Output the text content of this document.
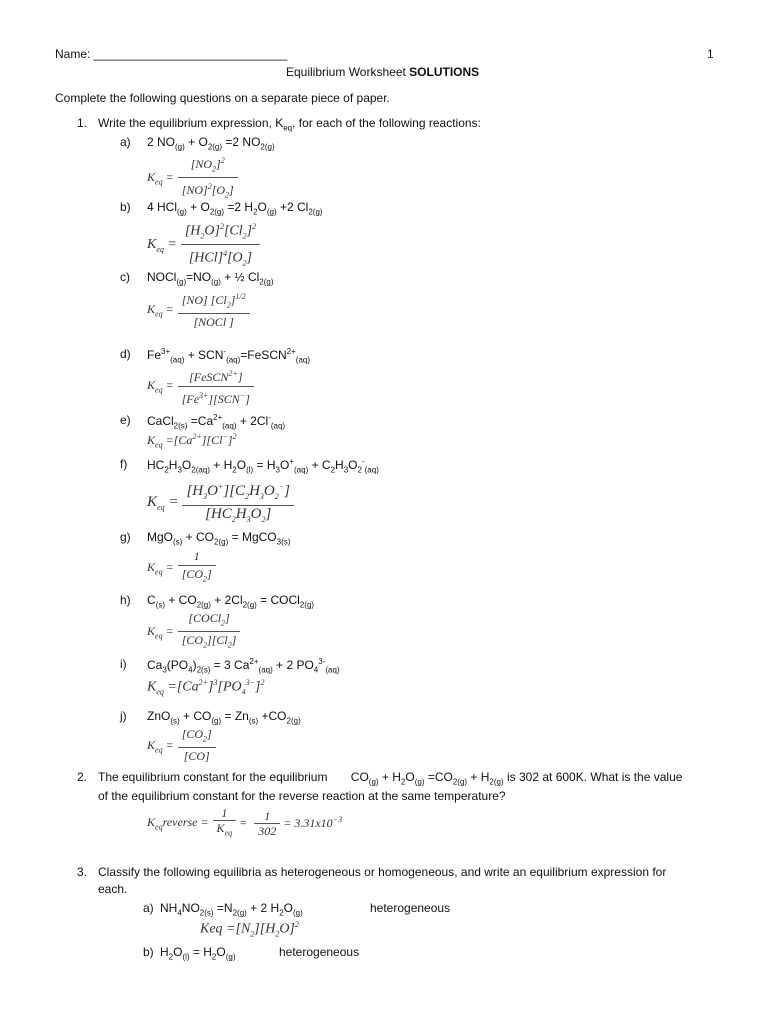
Name: _____________________________	1
Equilibrium Worksheet SOLUTIONS
Complete the following questions on a separate piece of paper.
1. Write the equilibrium expression, $K_{eq}$, for each of the following reactions:
a) 2 $NO_{(g)} + O_{2(g)} =2$ $NO_{2(g)}$
$K_{eq} = \frac{[NO_2]^2}{[NO]^2[O_2]}$
b) 4 $HCl_{(g)} + O_{2(g)} =2$ $H_2O_{(g)} +2$ $Cl_{2(g)}$
$K_{eq} = \frac{[H_2O]^2[Cl_2]^2}{[HCl]^4[O_2]}$
c) $NOCl_{(g)}=NO_{(g)}$ + ½ $Cl_{2(g)}$
$K_{eq} = \frac{[NO] [Cl_2]^{1/2}}{\text{[NOCl ]}}$
d) $Fe^{3+}_{(aq)}$ + $SCN^-_{(aq)}=FeSCN^{2+}_{(aq)}$
$K_{eq} = \frac{[FeSCN^{2+}]}{[Fe^{3+}][SCN^-]}$
e) CaCl$_{2(s)}$ $=Ca^{2+}_{(aq)} + 2Cl^-_{(aq)}$
$K_{eq} =[Ca^{2+}][Cl^-]^2$
f) $HC_2H_3O_{2(aq)} + H_2O_{(l)} = H_3O^+_{(aq)} + C_2H_3O_2^-_{(aq)}$
$K_{eq} = \frac{[H_3O^+][C_2H_3O_2^-]}{[HC_2H_3O_2]}$
g) $MgO_{(s)} + CO_{2(g)}$ = MgCO$_{3(s)}$
$K_{eq} = \frac{1}{[CO_2]}$
h) $C_{(s)} + CO_{2(g)} + 2Cl_{2(g)}$ = COCl$_{2(g)}$
$K_{eq} = \frac{[COCl_2]}{[CO_2][Cl_2]}$
i) $Ca_3(PO_4)_{2(s)} = 3$ $Ca^{2+}_{(aq)} + 2$ $PO_4^{3-}_{(aq)}$
$K_{eq} =[Ca^{2+}]^3[PO_4^{3-}]^2$
j) $ZnO_{(s)} + CO_{(g)} = Zn_{(s)} +CO_{2(g)}$
$K_{eq} = \frac{[CO_2]}{[CO]}$
2. The equilibrium constant for the equilibrium       $CO_{(g)} + H_2O_{(g)} =CO_{2(g)} + H_{2(g)}$ is 302 at 600K. What is the value
of the equilibrium constant for the reverse reaction at the same temperature?
$K_{eq}reverse = \frac{1}{K_{eq}} = \frac{1}{302} = 3.31x10^{-3}$
3. Classify the following equilibria as heterogeneous or homogeneous, and write an equilibrium expression for
each.
a) $NH_4NO_{2(s)} =N_{2(g)} + 2$ $H_2O_{(g)}$	heterogeneous
Keq $=[N_2][H_2O]^2$
b) $H_2O_{(l)} = H_2O_{(g)}$	heterogeneous
